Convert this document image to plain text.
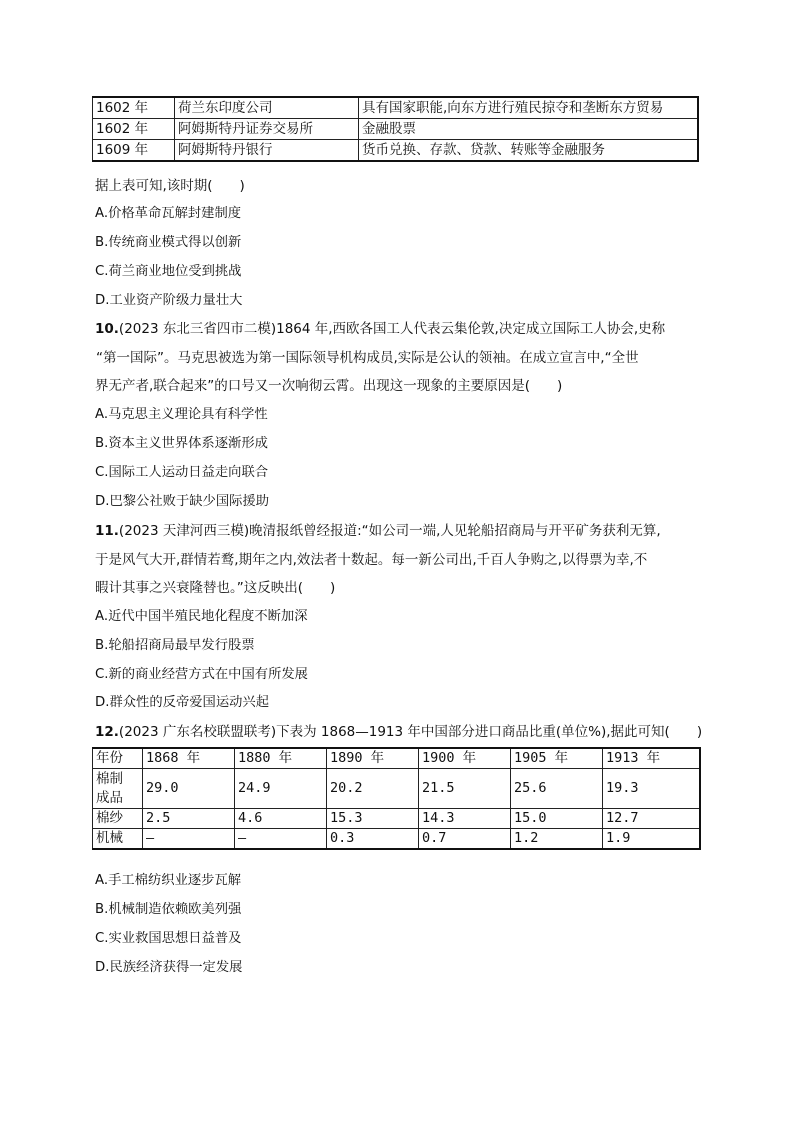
1602 年	荷兰东印度公司	具有国家职能,向东方进行殖民掠夺和垄断东方贸易
1602 年	阿姆斯特丹证券交易所	金融股票
1609 年	阿姆斯特丹银行	货币兑换、存款、贷款、转账等金融服务
据上表可知,该时期(　　)
A.价格革命瓦解封建制度
B.传统商业模式得以创新
C.荷兰商业地位受到挑战
D.工业资产阶级力量壮大
10.(2023 东北三省四市二模)1864 年,西欧各国工人代表云集伦敦,决定成立国际工人协会,史称
“第一国际”。马克思被选为第一国际领导机构成员,实际是公认的领袖。在成立宣言中,“全世
界无产者,联合起来”的口号又一次响彻云霄。出现这一现象的主要原因是(　　)
A.马克思主义理论具有科学性
B.资本主义世界体系逐渐形成
C.国际工人运动日益走向联合
D.巴黎公社败于缺少国际援助
11.(2023 天津河西三模)晚清报纸曾经报道:“如公司一端,人见轮船招商局与开平矿务获利无算,
于是风气大开,群情若鹜,期年之内,效法者十数起。每一新公司出,千百人争购之,以得票为幸,不
暇计其事之兴衰隆替也。”这反映出(　　)
A.近代中国半殖民地化程度不断加深
B.轮船招商局最早发行股票
C.新的商业经营方式在中国有所发展
D.群众性的反帝爱国运动兴起
12.(2023 广东名校联盟联考)下表为 1868—1913 年中国部分进口商品比重(单位%),据此可知(　　)
年份	1868 年	1880 年	1890 年	1900 年	1905 年	1913 年
棉制
成品	29.0	24.9	20.2	21.5	25.6	19.3
棉纱	2.5	4.6	15.3	14.3	15.0	12.7
机械	—	—	0.3	0.7	1.2	1.9
A.手工棉纺织业逐步瓦解
B.机械制造依赖欧美列强
C.实业救国思想日益普及
D.民族经济获得一定发展
